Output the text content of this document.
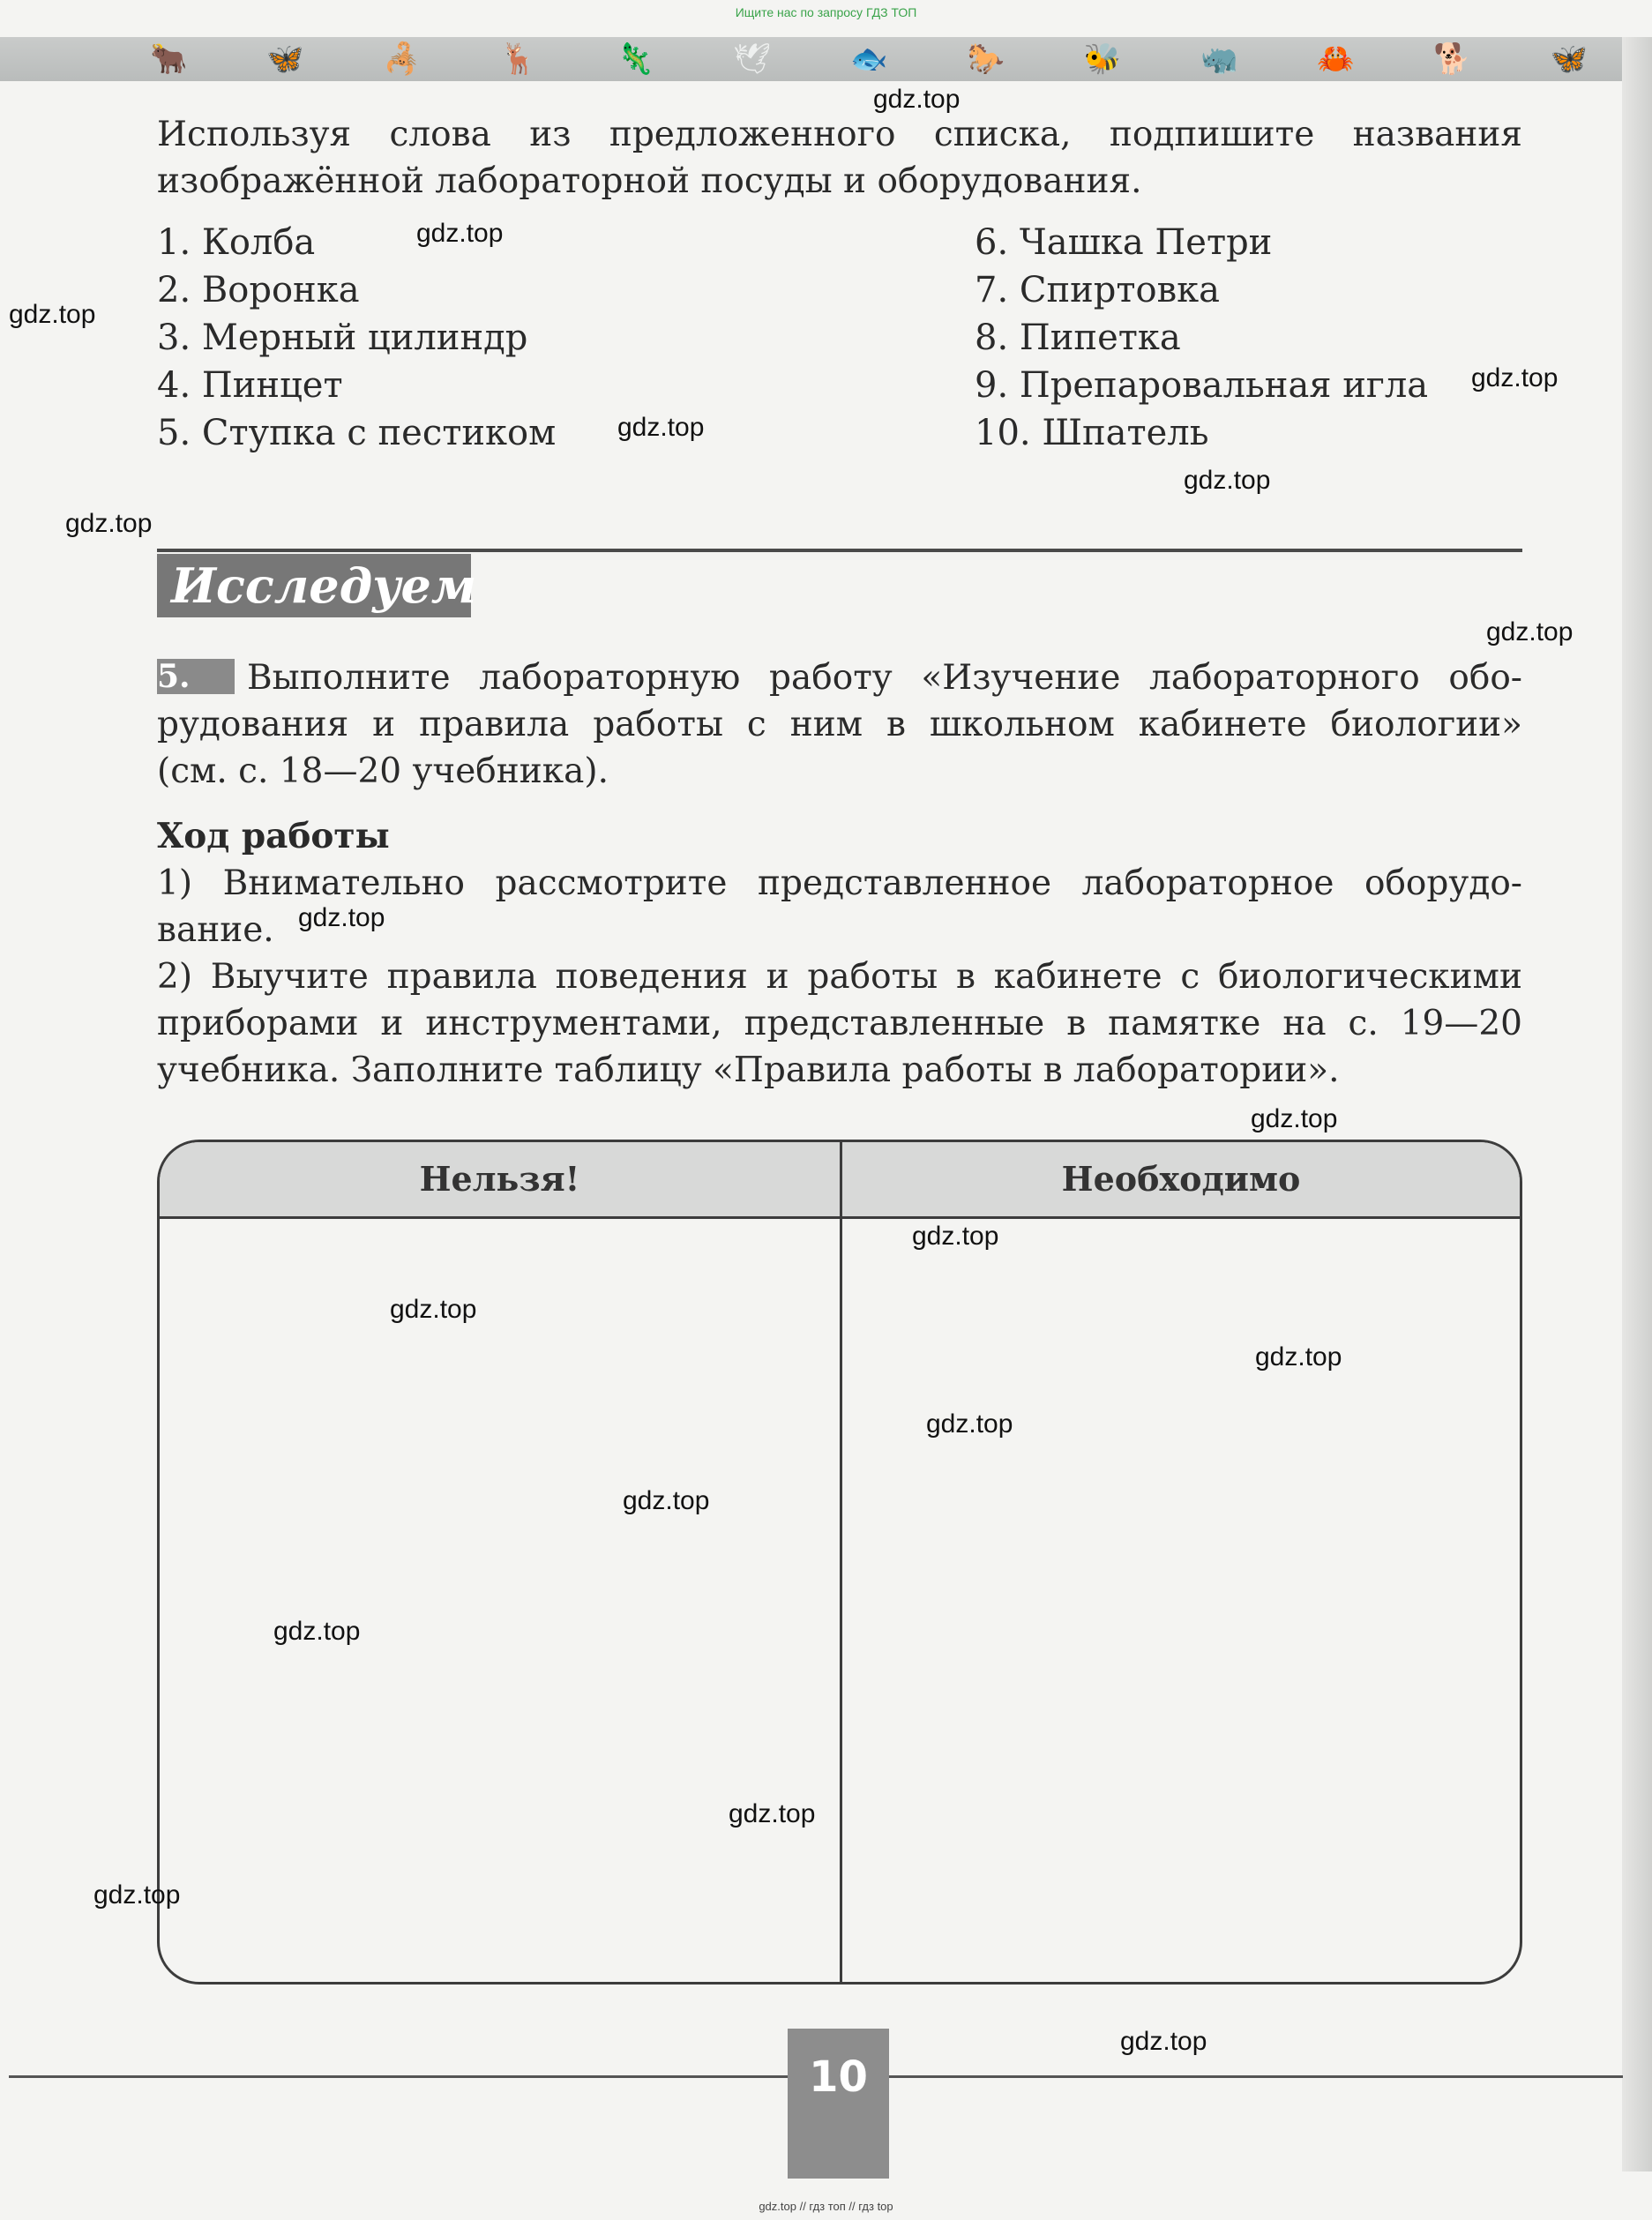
Ищите нас по запросу ГДЗ ТОП
🐂	🦋	🦂	🦌	🦎	🕊	🐟	🐎	🐝	🦏	🦀	🐕	🦋
Используя слова из предложенного списка, подпишите названия
изображённой лабораторной посуды и оборудования.
1. Колба
2. Воронка
3. Мерный цилиндр
4. Пинцет
5. Ступка с пестиком
6. Чашка Петри
7. Спиртовка
8. Пипетка
9. Препаровальная игла
10. Шпатель
Исследуем
5. Выполните лабораторную работу «Изучение лабораторного обо-
рудования и правила работы с ним в школьном кабинете биологии»
(см. с. 18—20 учебника).
Ход работы
1) Внимательно рассмотрите представленное лабораторное оборудо-
вание.
2) Выучите правила поведения и работы в кабинете с биологическими
приборами и инструментами, представленные в памятке на с. 19—20
учебника. Заполните таблицу «Правила работы в лаборатории».
Нельзя!	Необходимо
10
gdz.top // гдз топ // гдз top
gdz.top
gdz.top
gdz.top
gdz.top
gdz.top
gdz.top
gdz.top
gdz.top
gdz.top
gdz.top
gdz.top
gdz.top
gdz.top
gdz.top
gdz.top
gdz.top
gdz.top
gdz.top
gdz.top
